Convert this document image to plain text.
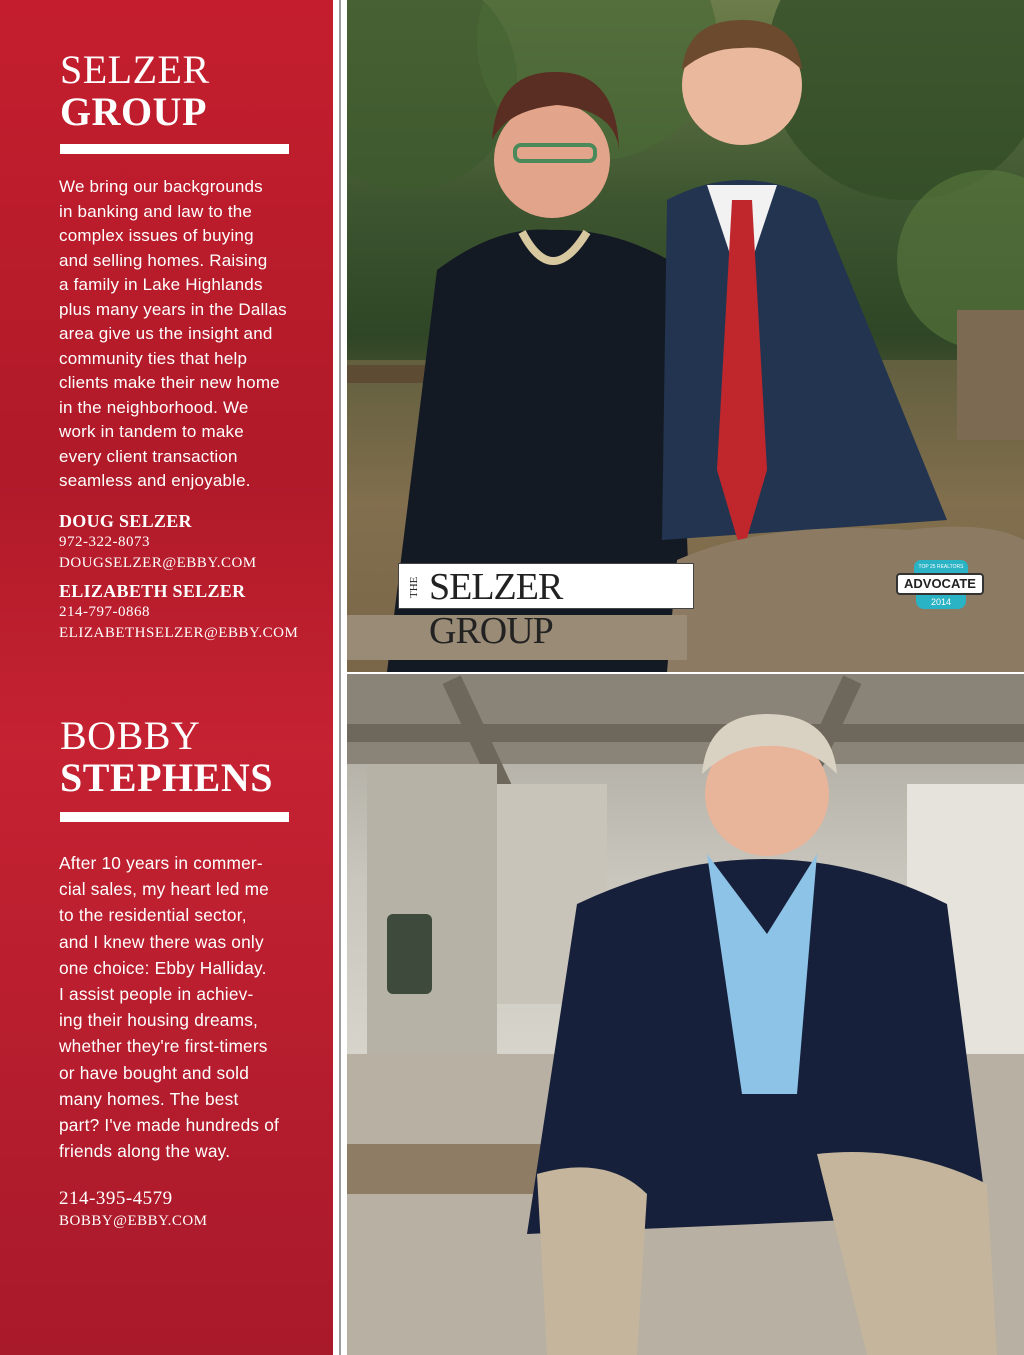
SELZER
GROUP
We bring our backgrounds
in banking and law to the
complex issues of buying
and selling homes. Raising
a family in Lake Highlands
plus many years in the Dallas
area give us the insight and
community ties that help
clients make their new home
in the neighborhood. We
work in tandem to make
every client transaction
seamless and enjoyable.
DOUG SELZER
972-322-8073
DOUGSELZER@EBBY.COM
ELIZABETH SELZER
214-797-0868
ELIZABETHSELZER@EBBY.COM
BOBBY
STEPHENS
After 10 years in commer-
cial sales, my heart led me
to the residential sector,
and I knew there was only
one choice: Ebby Halliday.
I assist people in achiev-
ing their housing dreams,
whether they're first-timers
or have bought and sold
many homes. The best
part? I've made hundreds of
friends along the way.
214-395-4579
BOBBY@EBBY.COM
THE SELZER GROUP
TOP 25 REALTORS
ADVOCATE
2014
